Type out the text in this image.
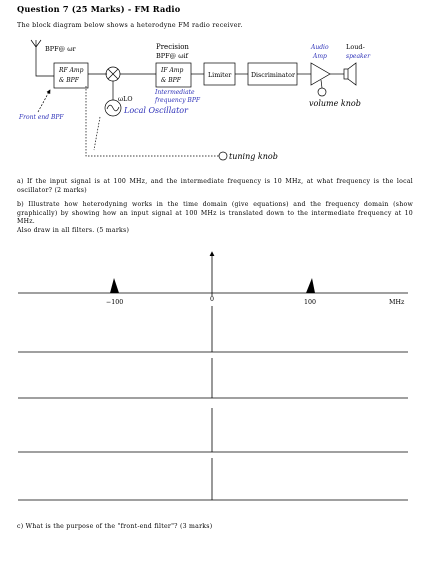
Question 7 (25 Marks) - FM Radio
The block diagram below shows a heterodyne FM radio receiver.
BPF@ ωr
RF Amp
& BPF
Precision
BPF@ ωif
IF Amp
& BPF
Intermediate
frequency BPF
Limiter	Discriminator
Audio
Amp
Loud-
speaker
Front end BPF
ωLO
Local Oscillator
tuning knob
volume knob
a) If the input signal is at 100 MHz, and the intermediate frequency is 10 MHz, at what frequency is the local oscillator? (2 marks)
b) Illustrate how heterodyning works in the time domain (give equations) and the frequency domain (show graphically) by showing how an input signal at 100 MHz is translated down to the intermediate frequency at 10 MHz.
Also draw in all filters. (5 marks)
−100	0	100	MHz
c) What is the purpose of the "front-end filter"? (3 marks)
